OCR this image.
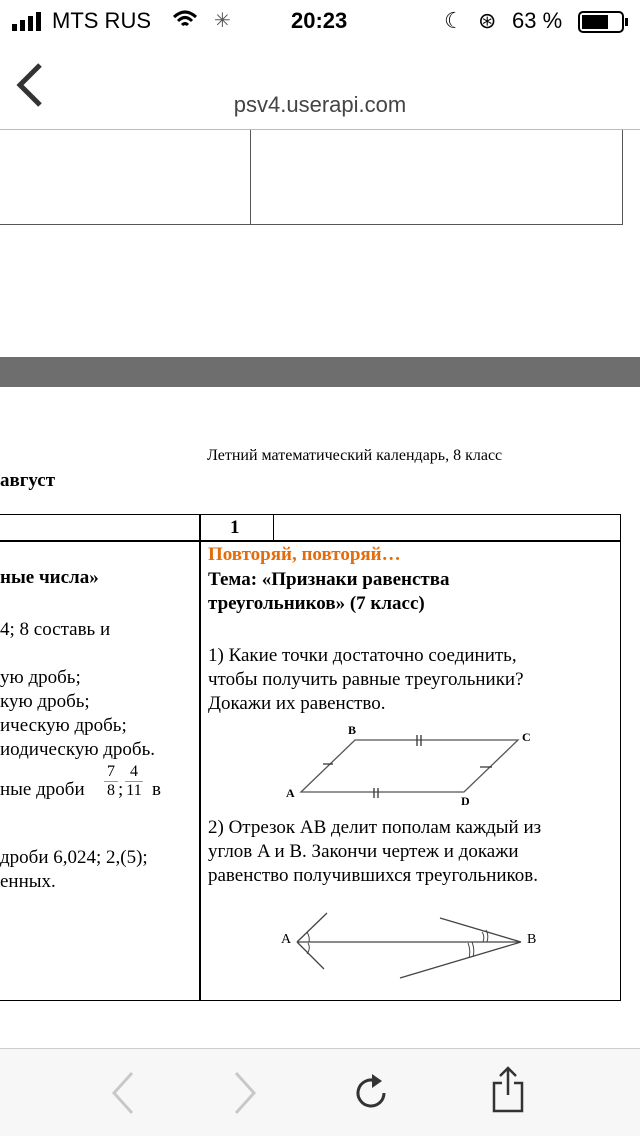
MTS RUS	✳	20:23	☾ ⊛ 63 %
psv4.userapi.com
Летний математический календарь, 8 класс
август
1
ные числа»
4; 8 составь и
ую дробь;
кую дробь;
ическую дробь;
иодическую дробь.
ные дроби
7
8 ;
4
11 в
дроби 6,024; 2,(5);
енных.
Повторяй, повторяй…
Тема: «Признаки равенства
треугольников» (7 класс)
1) Какие точки достаточно соединить,
чтобы получить равные треугольники?
Докажи их равенство.
A
B	C
D
2) Отрезок AB делит пополам каждый из
углов A и B. Закончи чертеж и докажи
равенство получившихся треугольников.
A	B
